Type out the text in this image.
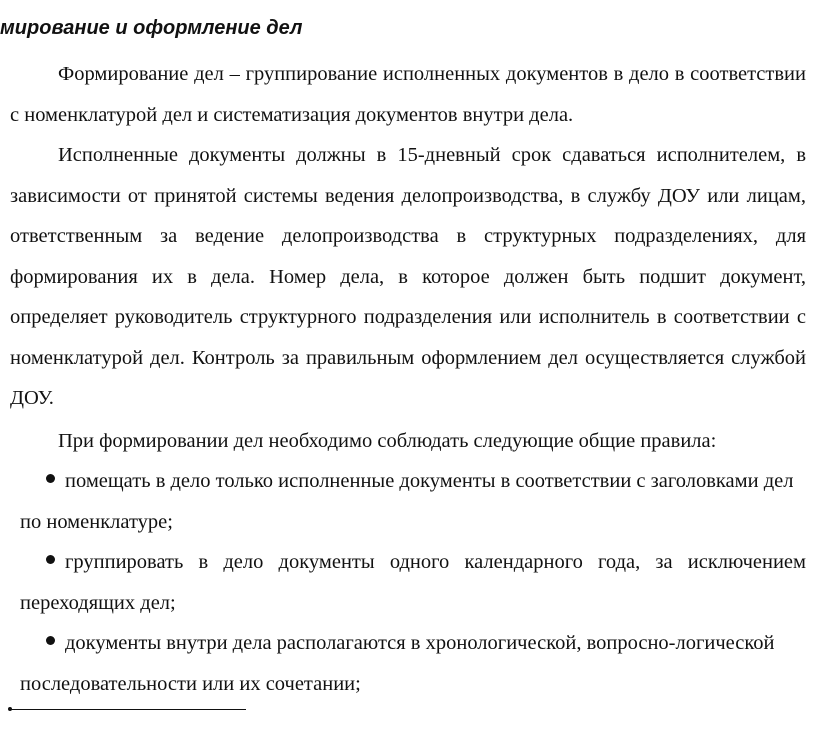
мирование и оформление дел

Формирование дел – группирование исполненных документов в дело в соответствии с номенклатурой дел и систематизация документов внутри дела.

Исполненные документы должны в 15-дневный срок сдаваться исполнителем, в зависимости от принятой системы ведения делопроизводства, в службу ДОУ или лицам, ответственным за ведение делопроизводства в структурных подразделениях, для формирования их в дела. Номер дела, в которое должен быть подшит документ, определяет руководитель структурного подразделения или исполнитель в соответствии с номенклатурой дел. Контроль за правильным оформлением дел осуществляется службой ДОУ.

При формировании дел необходимо соблюдать следующие общие правила:

помещать в дело только исполненные документы в соответствии с заголовками дел по номенклатуре;
группировать в дело документы одного календарного года, за исключением переходящих дел;
документы внутри дела располагаются в хронологической, вопросно-логической последовательности или их сочетании;
